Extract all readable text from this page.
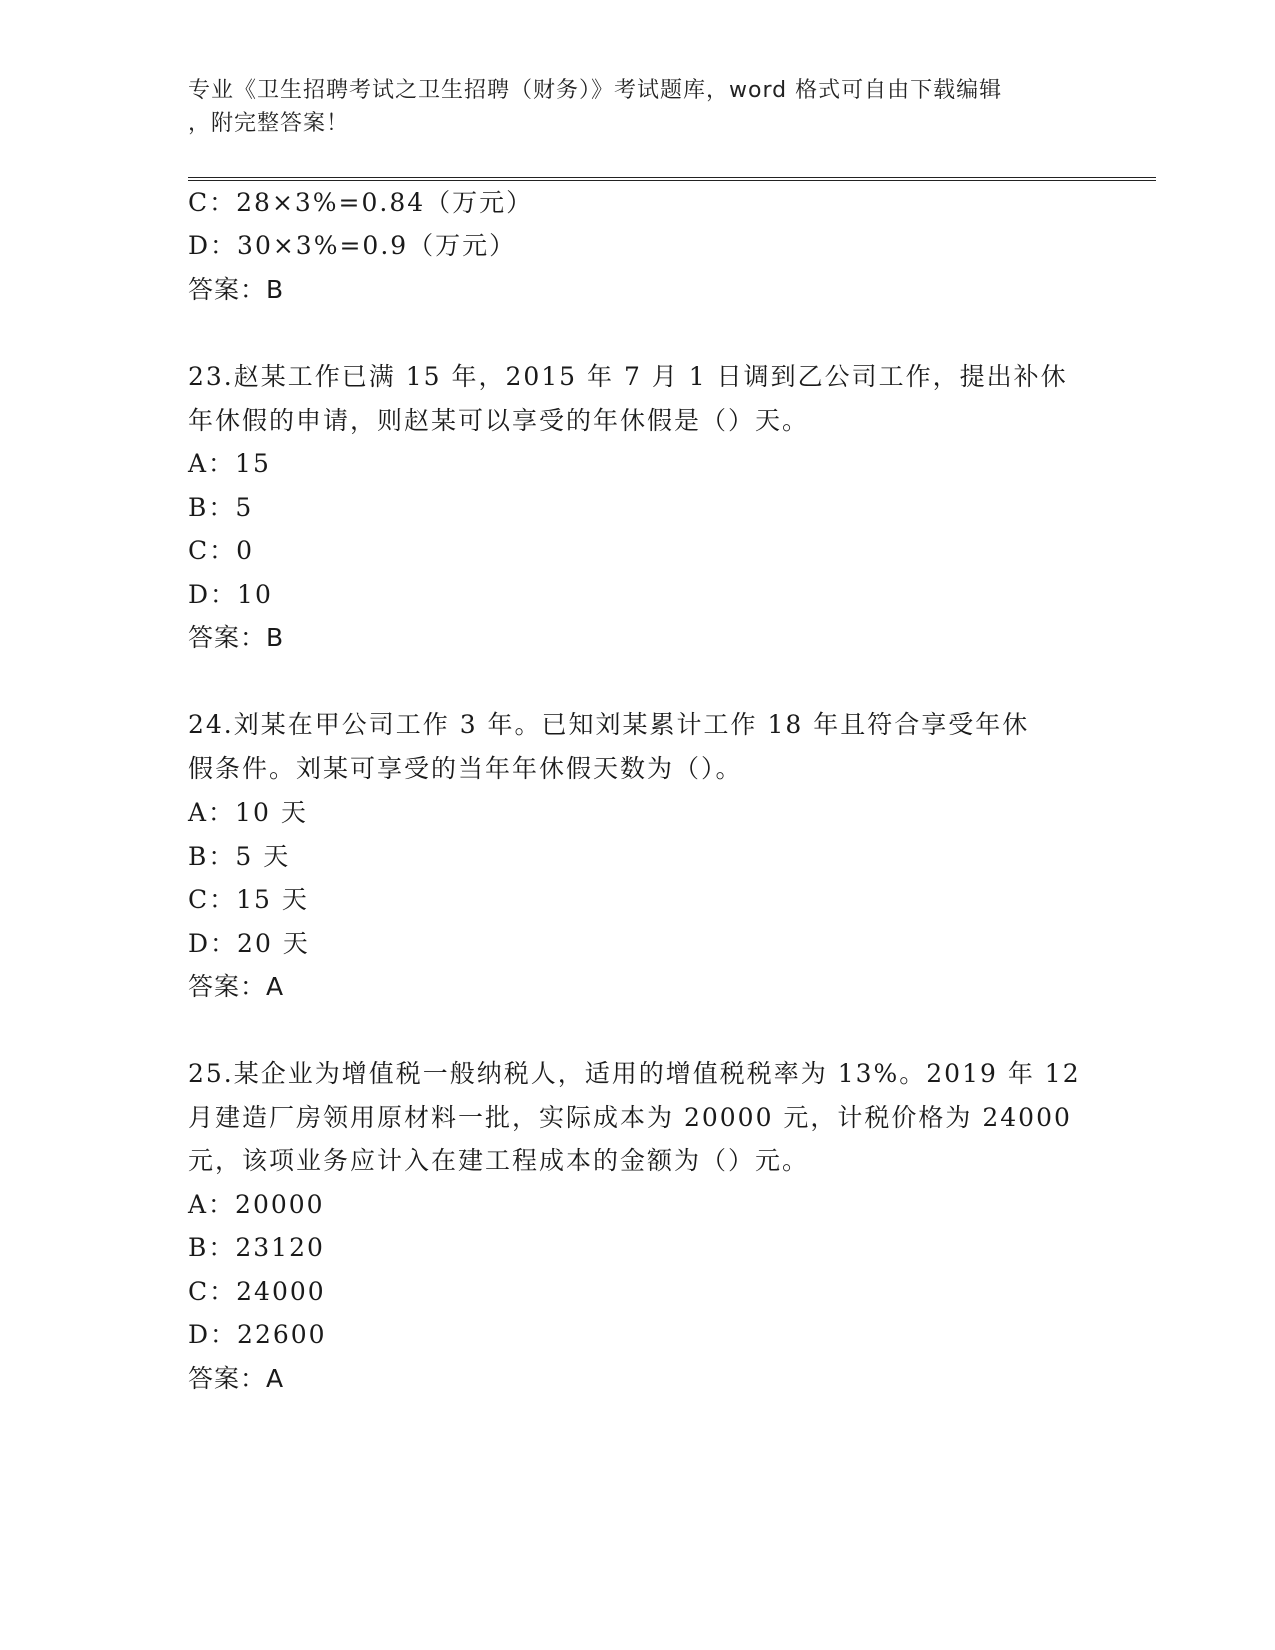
专业《卫生招聘考试之卫生招聘（财务）》考试题库，word 格式可自由下载编辑
，附完整答案！
C：28×3%=0.84（万元）
D：30×3%=0.9（万元）
答案：B
23.赵某工作已满 15 年，2015 年 7 月 1 日调到乙公司工作，提出补休
年休假的申请，则赵某可以享受的年休假是（）天。
A：15
B：5
C：0
D：10
答案：B
24.刘某在甲公司工作 3 年。已知刘某累计工作 18 年且符合享受年休
假条件。刘某可享受的当年年休假天数为（）。
A：10 天
B：5 天
C：15 天
D：20 天
答案：A
25.某企业为增值税一般纳税人，适用的增值税税率为 13%。2019 年 12
月建造厂房领用原材料一批，实际成本为 20000 元，计税价格为 24000
元，该项业务应计入在建工程成本的金额为（）元。
A：20000
B：23120
C：24000
D：22600
答案：A
